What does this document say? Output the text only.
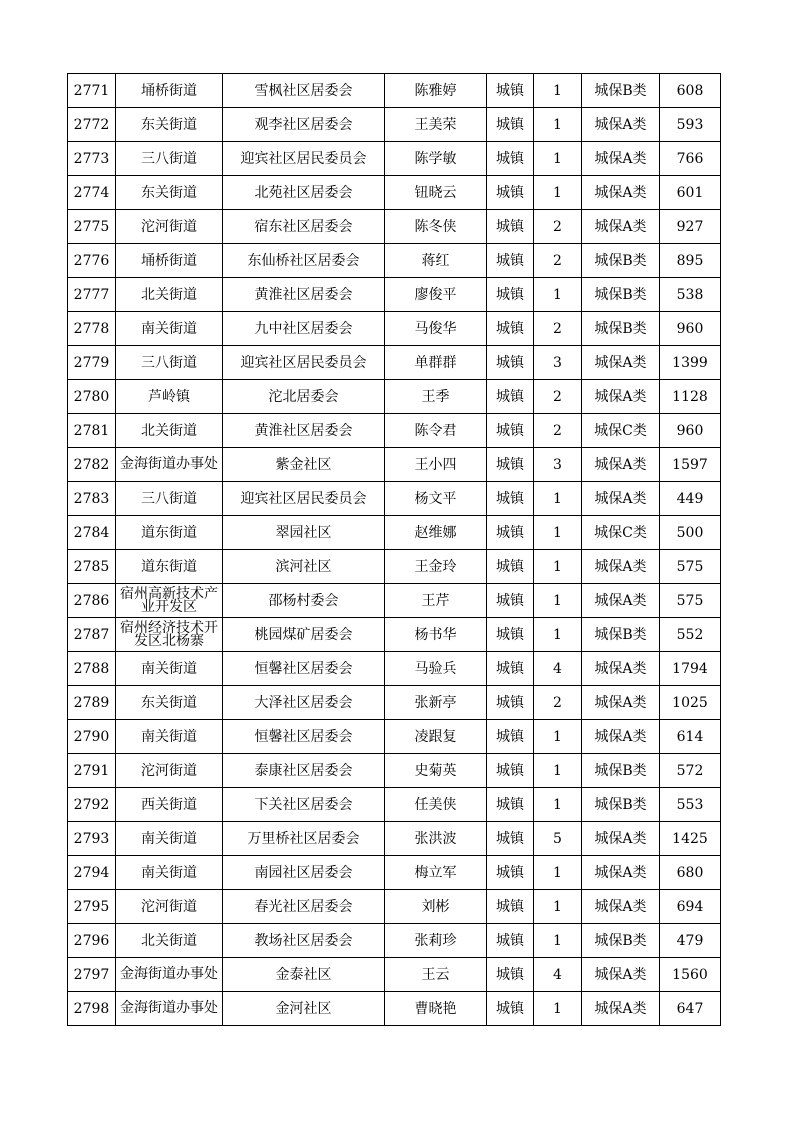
2771	埇桥街道	雪枫社区居委会	陈雅婷	城镇	1	城保B类	608
2772	东关街道	观李社区居委会	王美荣	城镇	1	城保A类	593
2773	三八街道	迎宾社区居民委员会	陈学敏	城镇	1	城保A类	766
2774	东关街道	北苑社区居委会	钮晓云	城镇	1	城保A类	601
2775	沱河街道	宿东社区居委会	陈冬侠	城镇	2	城保A类	927
2776	埇桥街道	东仙桥社区居委会	蒋红	城镇	2	城保B类	895
2777	北关街道	黄淮社区居委会	廖俊平	城镇	1	城保B类	538
2778	南关街道	九中社区居委会	马俊华	城镇	2	城保B类	960
2779	三八街道	迎宾社区居民委员会	单群群	城镇	3	城保A类	1399
2780	芦岭镇	沱北居委会	王季	城镇	2	城保A类	1128
2781	北关街道	黄淮社区居委会	陈令君	城镇	2	城保C类	960
2782	金海街道办事处	紫金社区	王小四	城镇	3	城保A类	1597
2783	三八街道	迎宾社区居民委员会	杨文平	城镇	1	城保A类	449
2784	道东街道	翠园社区	赵维娜	城镇	1	城保C类	500
2785	道东街道	滨河社区	王金玲	城镇	1	城保A类	575
2786	宿州高新技术产业开发区	邵杨村委会	王芹	城镇	1	城保A类	575
2787	宿州经济技术开发区北杨寨	桃园煤矿居委会	杨书华	城镇	1	城保B类	552
2788	南关街道	恒馨社区居委会	马验兵	城镇	4	城保A类	1794
2789	东关街道	大泽社区居委会	张新亭	城镇	2	城保A类	1025
2790	南关街道	恒馨社区居委会	凌跟复	城镇	1	城保A类	614
2791	沱河街道	泰康社区居委会	史菊英	城镇	1	城保B类	572
2792	西关街道	下关社区居委会	任美侠	城镇	1	城保B类	553
2793	南关街道	万里桥社区居委会	张洪波	城镇	5	城保A类	1425
2794	南关街道	南园社区居委会	梅立军	城镇	1	城保A类	680
2795	沱河街道	春光社区居委会	刘彬	城镇	1	城保A类	694
2796	北关街道	教场社区居委会	张莉珍	城镇	1	城保B类	479
2797	金海街道办事处	金泰社区	王云	城镇	4	城保A类	1560
2798	金海街道办事处	金河社区	曹晓艳	城镇	1	城保A类	647
